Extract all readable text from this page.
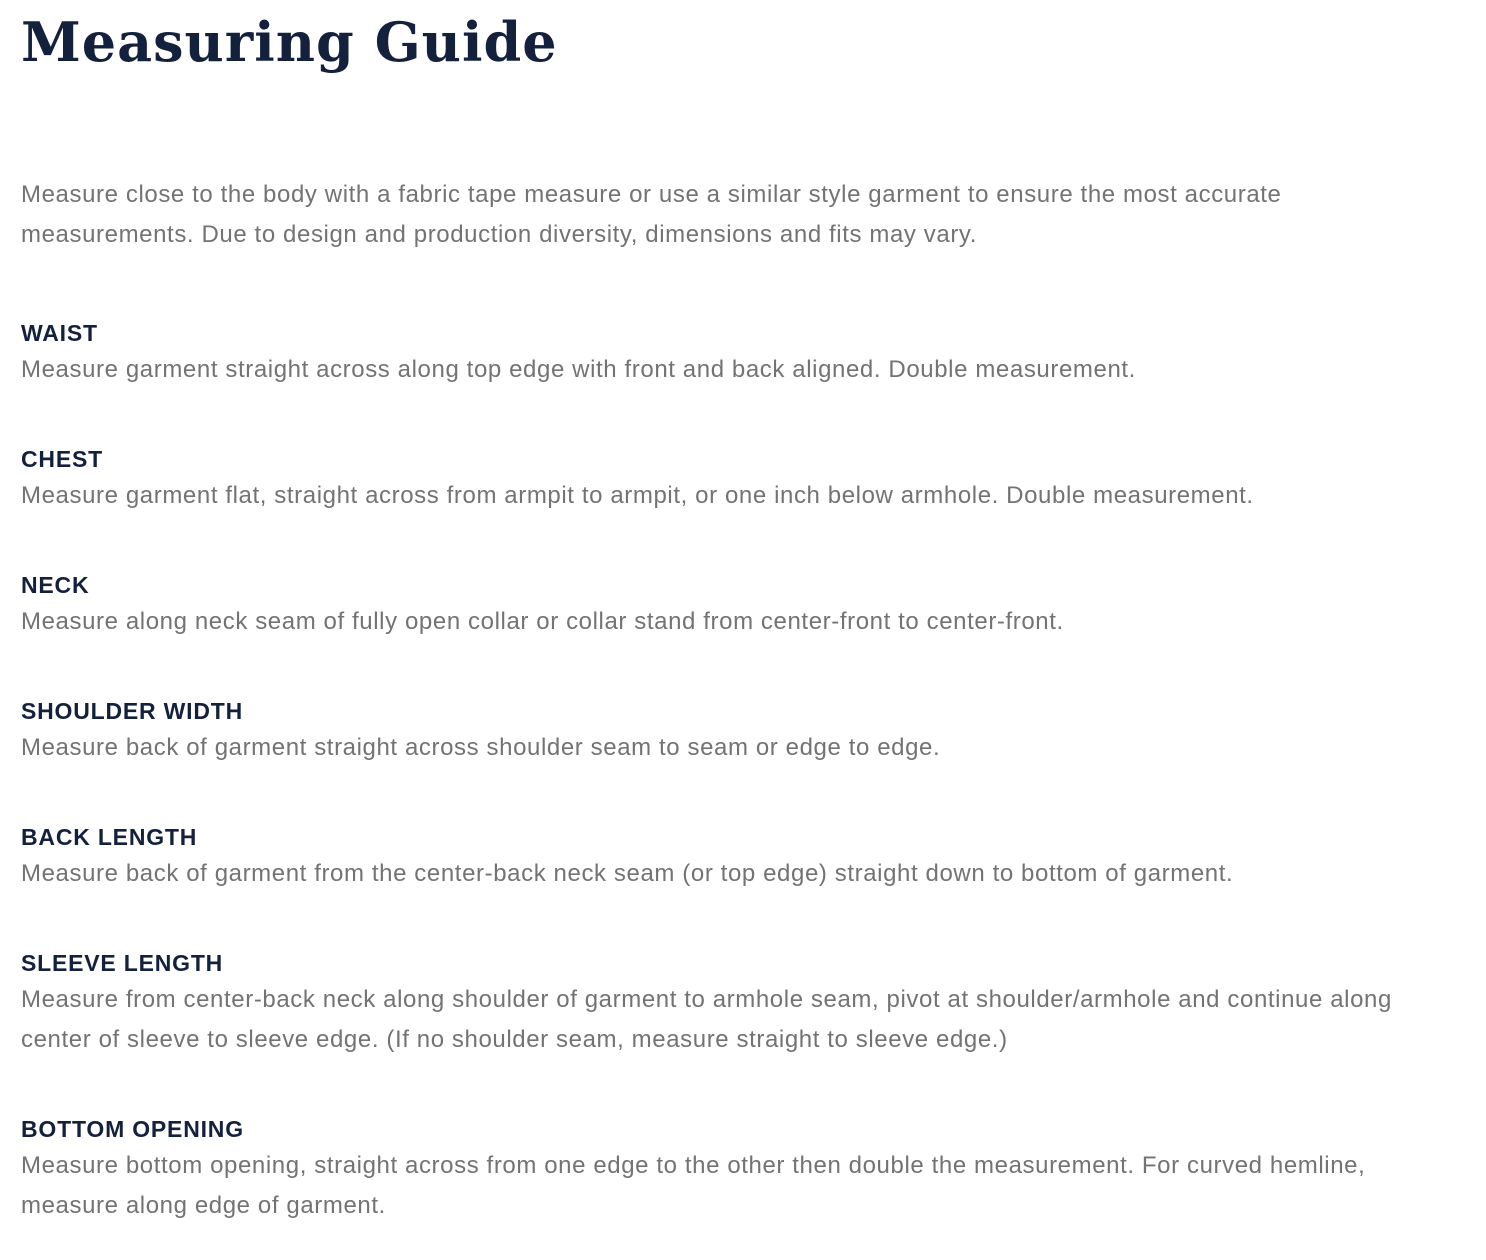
Measuring Guide

Measure close to the body with a fabric tape measure or use a similar style garment to ensure the most accurate measurements. Due to design and production diversity, dimensions and fits may vary.

WAIST

Measure garment straight across along top edge with front and back aligned. Double measurement.

CHEST

Measure garment flat, straight across from armpit to armpit, or one inch below armhole. Double measurement.

NECK

Measure along neck seam of fully open collar or collar stand from center-front to center-front.

SHOULDER WIDTH

Measure back of garment straight across shoulder seam to seam or edge to edge.

BACK LENGTH

Measure back of garment from the center-back neck seam (or top edge) straight down to bottom of garment.

SLEEVE LENGTH

Measure from center-back neck along shoulder of garment to armhole seam, pivot at shoulder/armhole and continue along center of sleeve to sleeve edge. (If no shoulder seam, measure straight to sleeve edge.)

BOTTOM OPENING

Measure bottom opening, straight across from one edge to the other then double the measurement. For curved hemline, measure along edge of garment.
